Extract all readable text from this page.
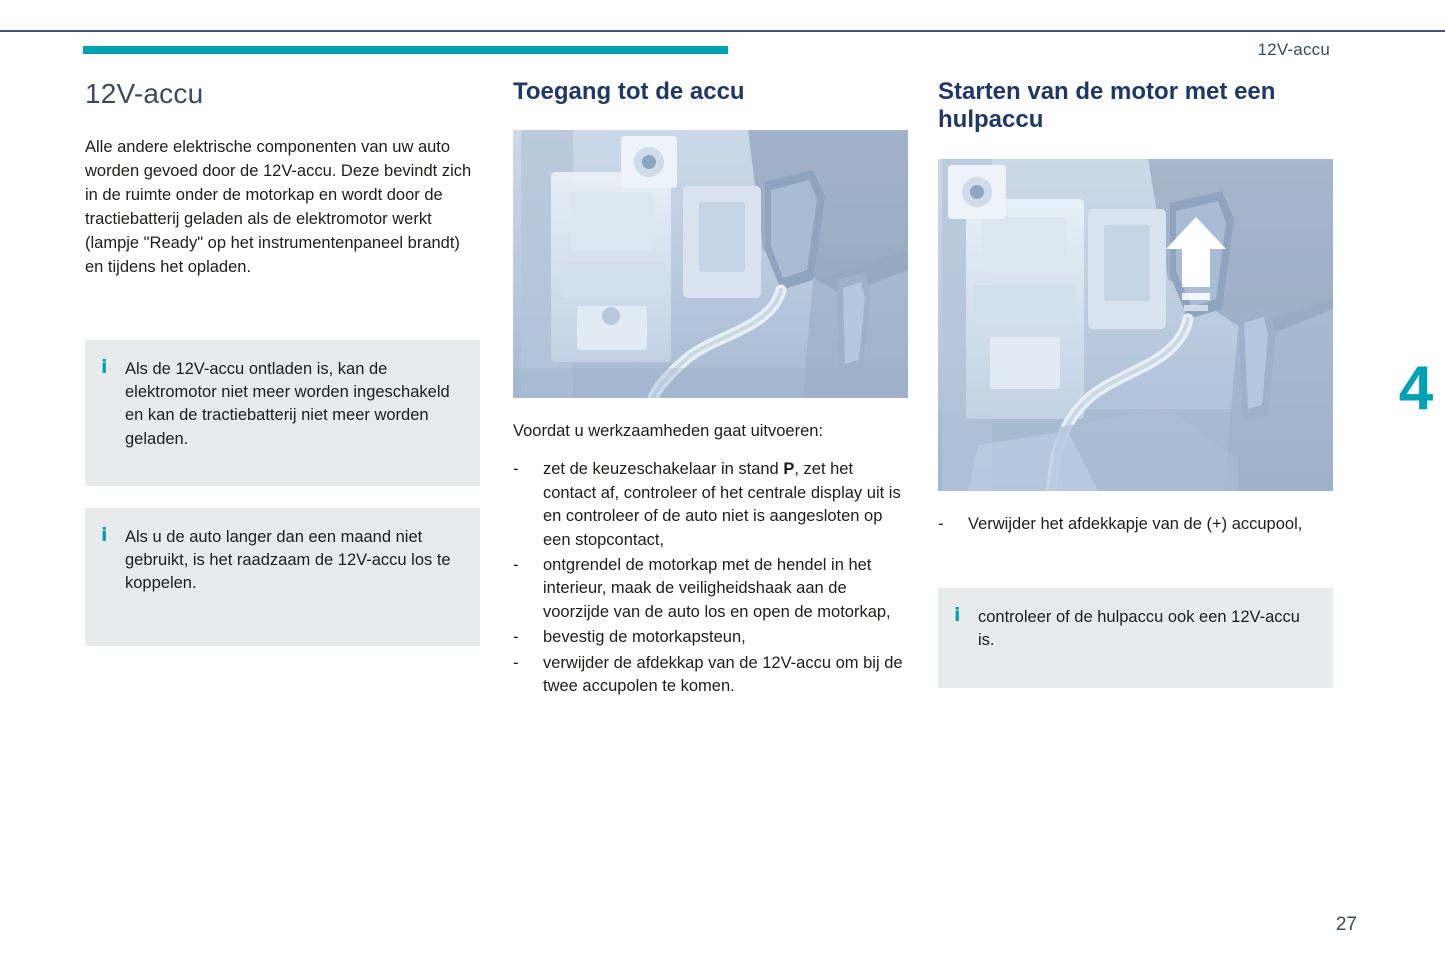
12V-accu
4
12V-accu

Alle andere elektrische componenten van uw auto worden gevoed door de 12V-accu. Deze bevindt zich in de ruimte onder de motorkap en wordt door de tractiebatterij geladen als de elektromotor werkt (lampje "Ready" op het instrumentenpaneel brandt) en tijdens het opladen.

i Als de 12V-accu ontladen is, kan de elektromotor niet meer worden ingeschakeld en kan de tractiebatterij niet meer worden geladen.
i Als u de auto langer dan een maand niet gebruikt, is het raadzaam de 12V-accu los te koppelen.
Toegang tot de accu

Voordat u werkzaamheden gaat uitvoeren:

- zet de keuzeschakelaar in stand P, zet het contact af, controleer of het centrale display uit is en controleer of de auto niet is aangesloten op een stopcontact,
- ontgrendel de motorkap met de hendel in het interieur, maak de veiligheidshaak aan de voorzijde van de auto los en open de motorkap,
- bevestig de motorkapsteun,
- verwijder de afdekkap van de 12V-accu om bij de twee accupolen te komen.
Starten van de motor met een hulpaccu
- Verwijder het afdekkapje van de (+) accupool,
i controleer of de hulpaccu ook een 12V-accu is.
27
